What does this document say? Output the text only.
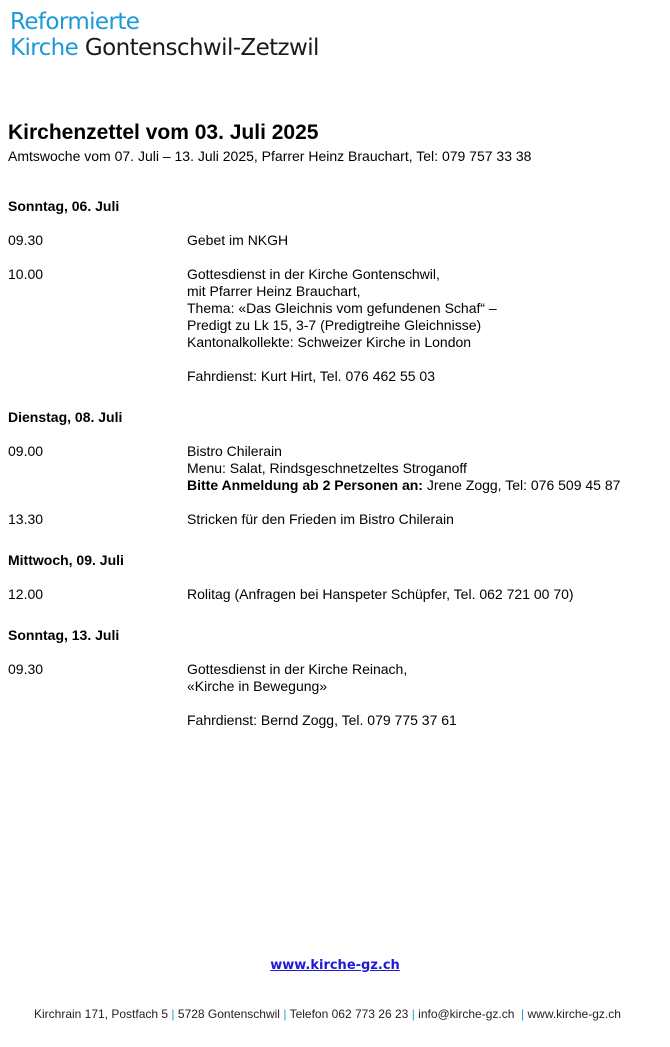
Reformierte
Kirche Gontenschwil-Zetzwil
Kirchenzettel vom 03. Juli 2025
Amtswoche vom 07. Juli – 13. Juli 2025, Pfarrer Heinz Brauchart, Tel: 079 757 33 38
Sonntag, 06. Juli
09.30	Gebet im NKGH
10.00	Gottesdienst in der Kirche Gontenschwil,
mit Pfarrer Heinz Brauchart,
Thema: «Das Gleichnis vom gefundenen Schaf“ –
Predigt zu Lk 15, 3-7 (Predigtreihe Gleichnisse)
Kantonalkollekte: Schweizer Kirche in London
Fahrdienst: Kurt Hirt, Tel. 076 462 55 03
Dienstag, 08. Juli
09.00	Bistro Chilerain
Menu: Salat, Rindsgeschnetzeltes Stroganoff
Bitte Anmeldung ab 2 Personen an: Jrene Zogg, Tel: 076 509 45 87
13.30	Stricken für den Frieden im Bistro Chilerain
Mittwoch, 09. Juli
12.00	Rolitag (Anfragen bei Hanspeter Schüpfer, Tel. 062 721 00 70)
Sonntag, 13. Juli
09.30	Gottesdienst in der Kirche Reinach,
«Kirche in Bewegung»
Fahrdienst: Bernd Zogg, Tel. 079 775 37 61
www.kirche-gz.ch
Kirchrain 171, Postfach 5 | 5728 Gontenschwil | Telefon 062 773 26 23 | info@kirche-gz.ch | www.kirche-gz.ch
